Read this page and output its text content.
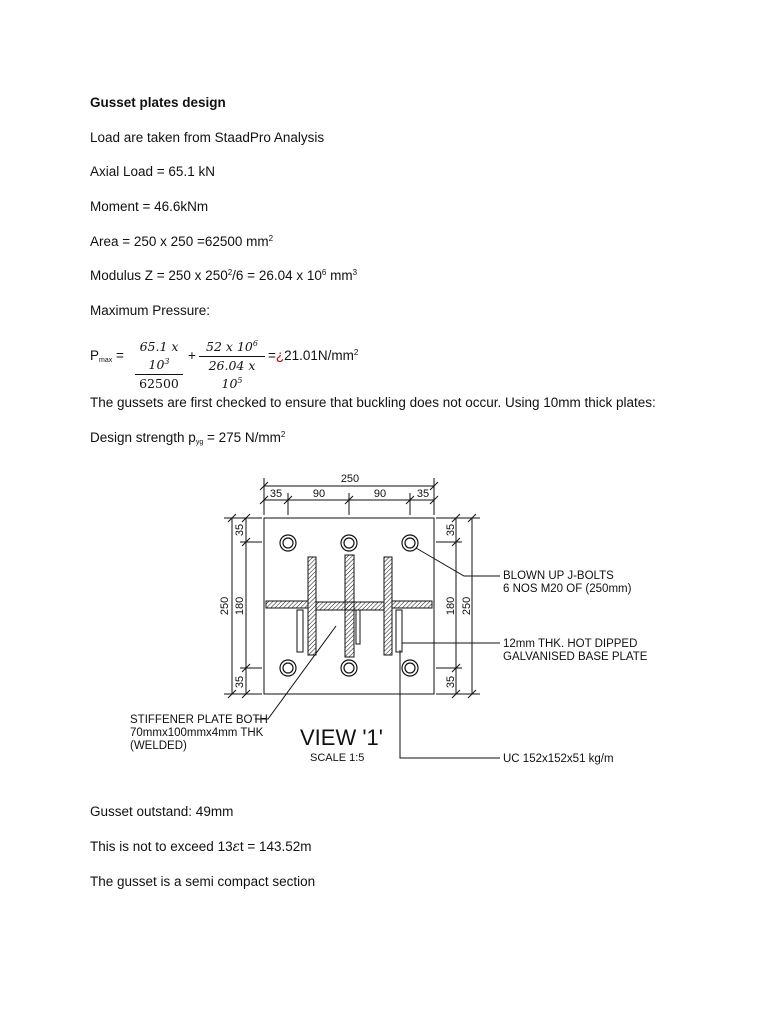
Gusset plates design
Load are taken from StaadPro Analysis
Axial Load = 65.1 kN
Moment = 46.6kNm
Area = 250 x 250 =62500 $mm^2$
Modulus Z = 250 x $250^2/6 = 26.04$ x $10^6$ $mm^3$
Maximum Pressure:
$P_{max}$ =
65.1 x $10^3$
62500
+
52 x $10^6$
26.04 x $10^5$
$=¿21.01N/mm^2$
The gussets are first checked to ensure that buckling does not occur. Using 10mm thick plates:
Design strength $p_{yg} = 275$ $N/mm^2$
250
35	90	90	35
250 180
35
35
180 250
35
35
BLOWN UP J-BOLTS
6 NOS M20 OF (250mm)
12mm THK. HOT DIPPED
GALVANISED BASE PLATE
STIFFENER PLATE BOTH
70mmx100mmx4mm THK
(WELDED)
UC 152x152x51 kg/m
VIEW '1'
SCALE 1:5
Gusset outstand: 49mm
This is not to exceed 13εt = 143.52m
The gusset is a semi compact section
